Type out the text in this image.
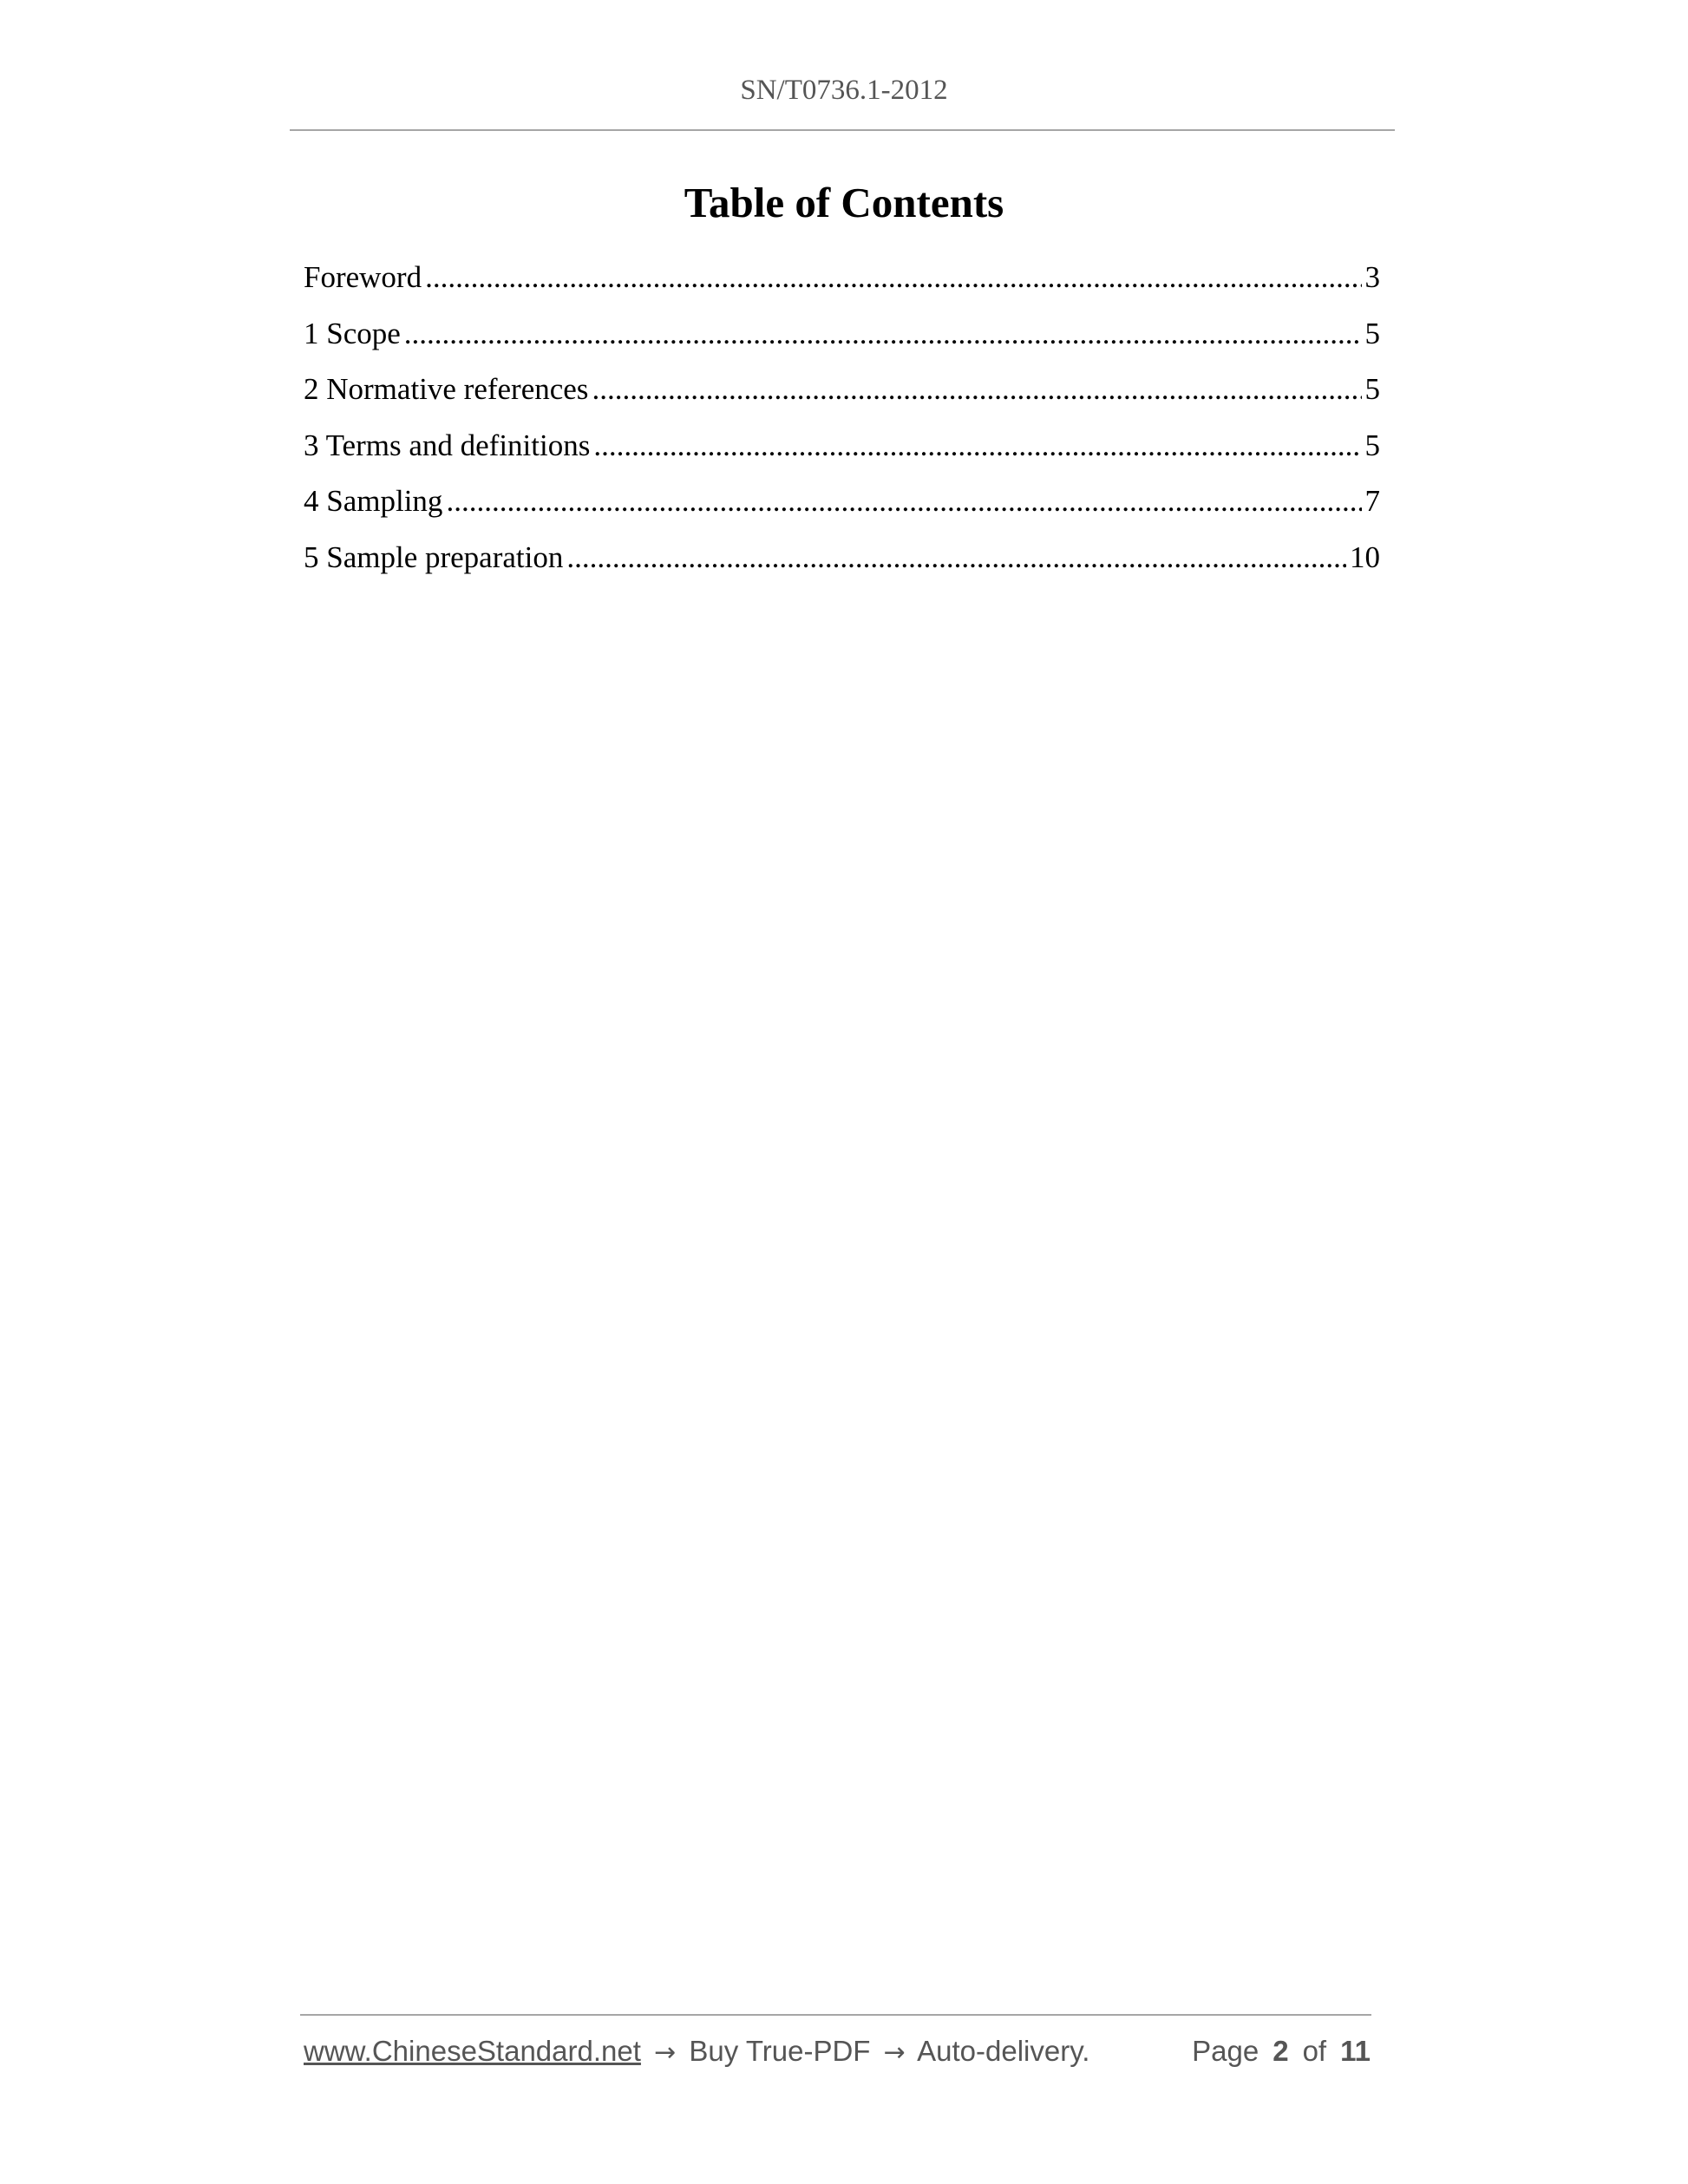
SN/T0736.1-2012
Table of Contents
Foreword .....	3
1 Scope .....	5
2 Normative references .....	5
3 Terms and definitions .....	5
4 Sampling .....	7
5 Sample preparation .....	10
www.ChineseStandard.net → Buy True-PDF → Auto-delivery.	Page 2 of 11
